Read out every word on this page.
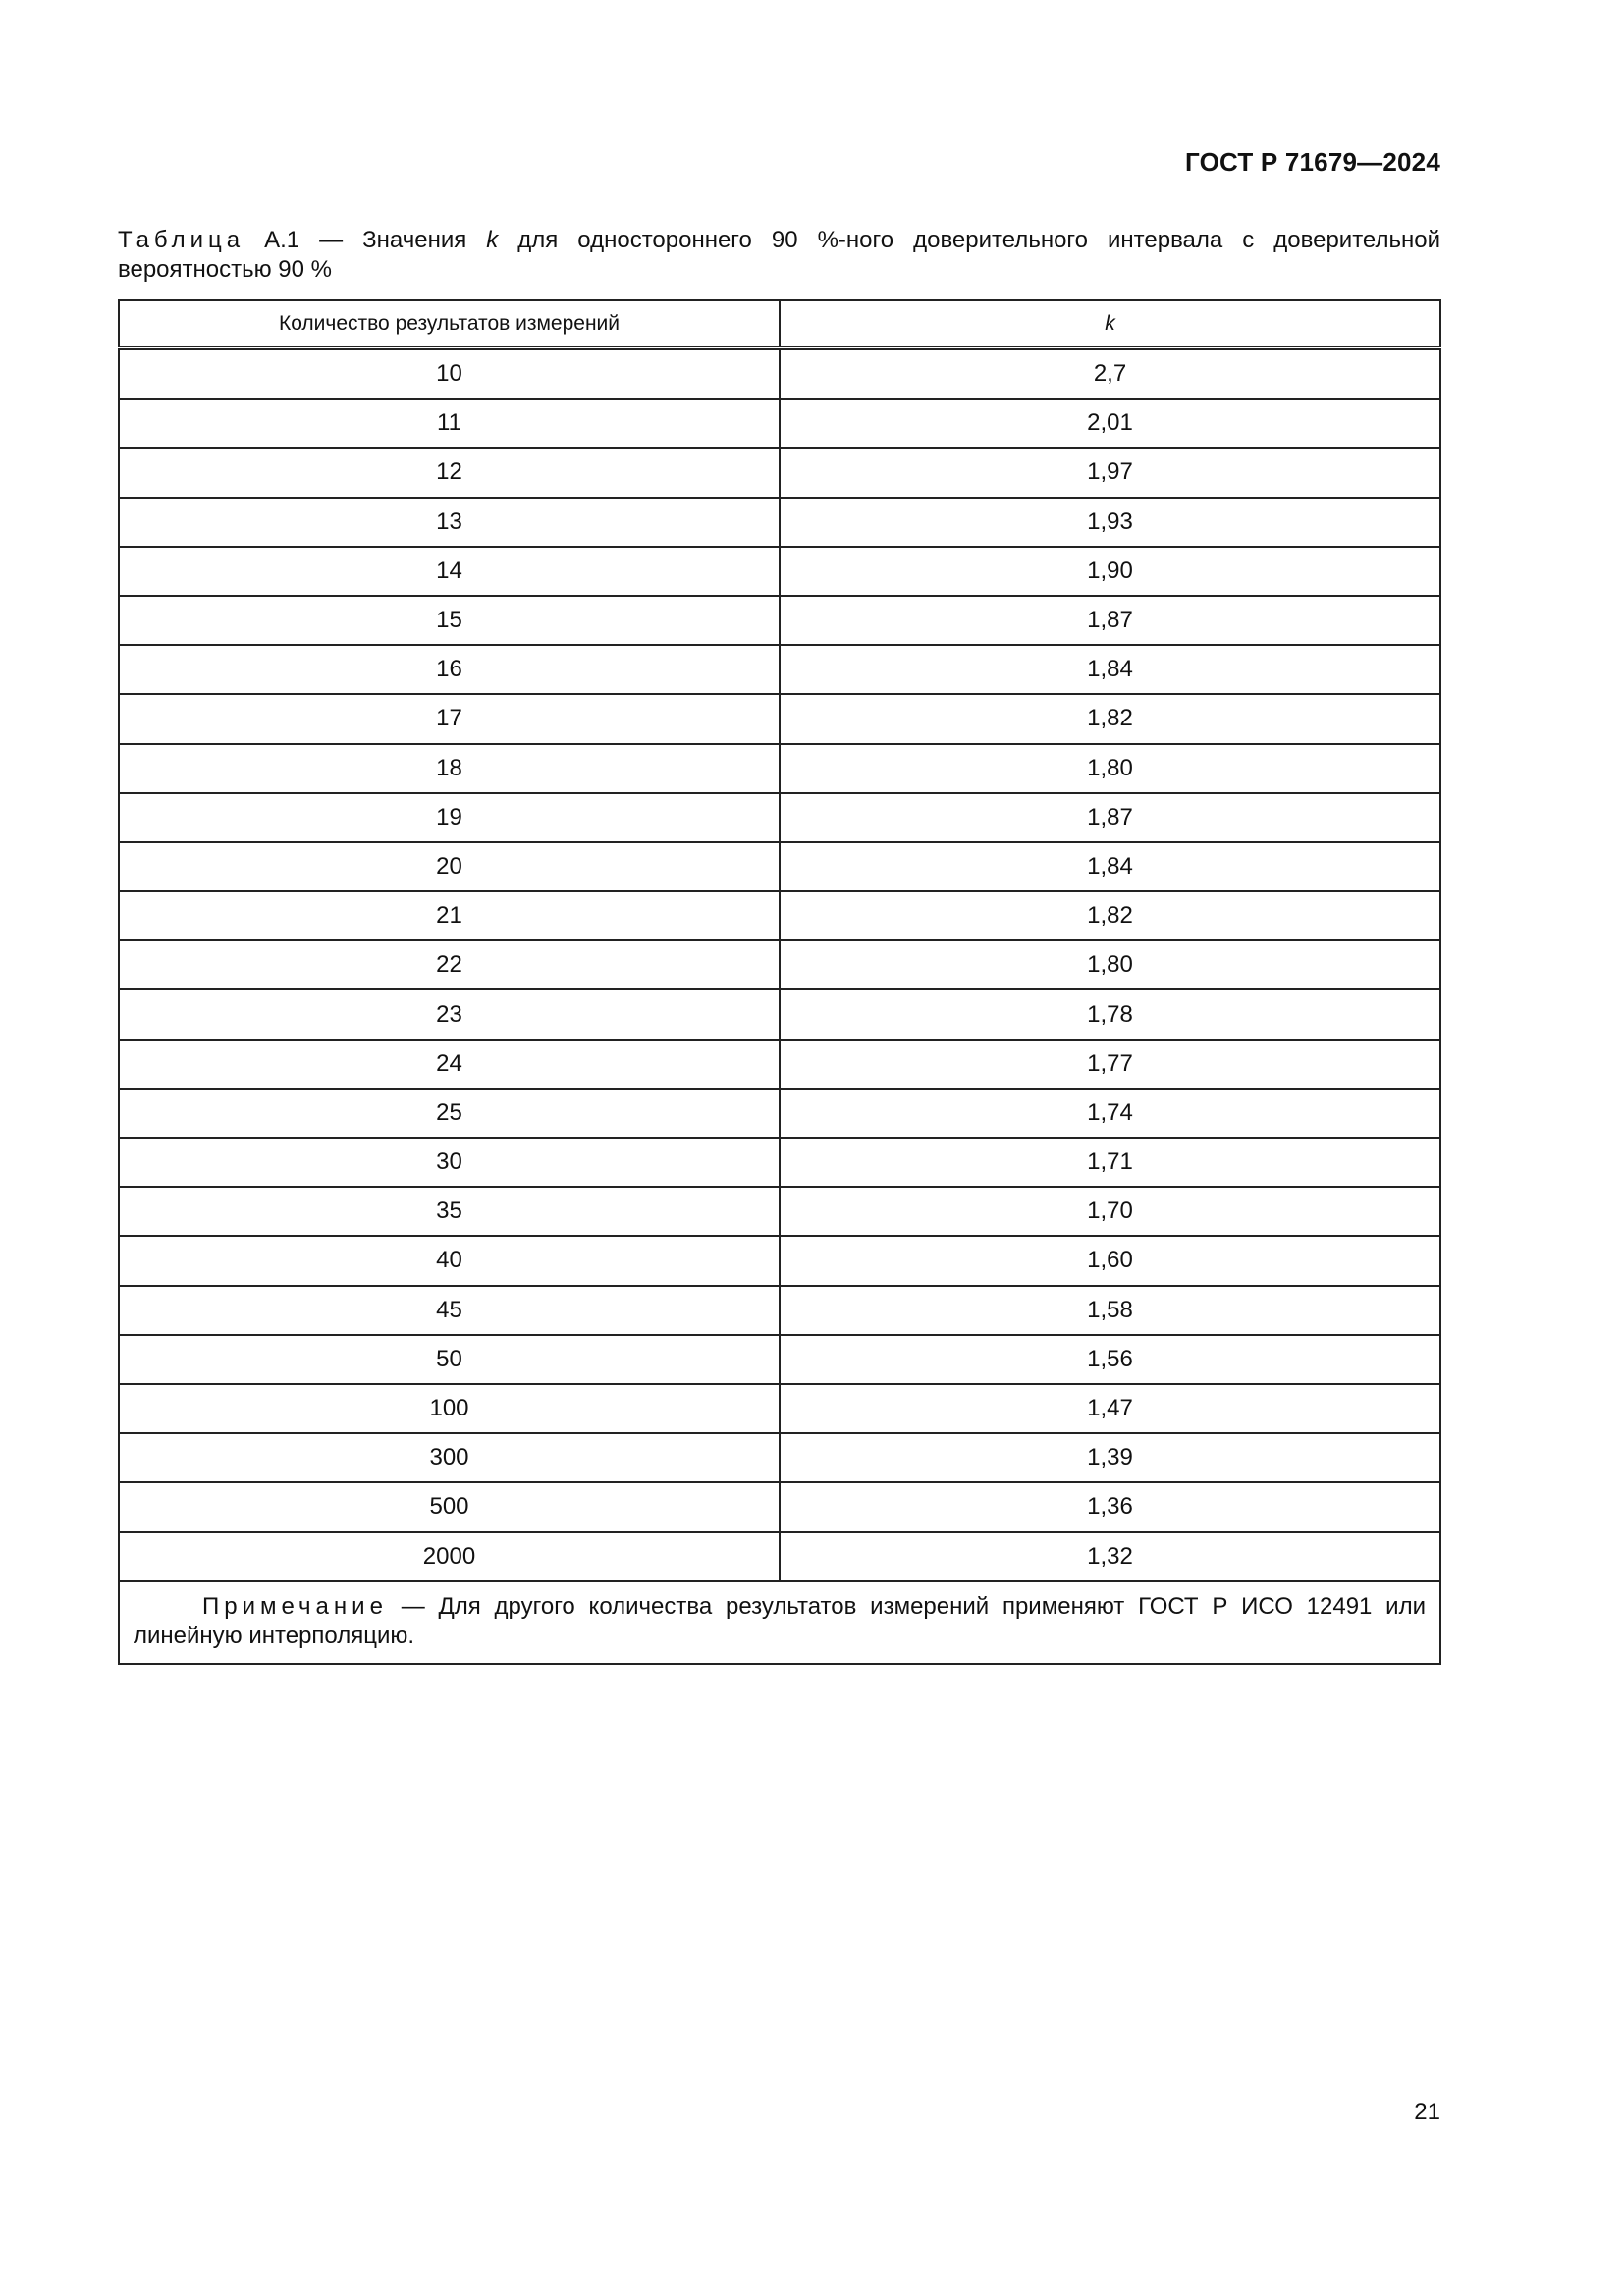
ГОСТ Р 71679—2024
Таблица А.1 — Значения k для одностороннего 90 %-ного доверительного интервала с доверительной вероятностью 90 %
Количество результатов измерений	k
10	2,7
11	2,01
12	1,97
13	1,93
14	1,90
15	1,87
16	1,84
17	1,82
18	1,80
19	1,87
20	1,84
21	1,82
22	1,80
23	1,78
24	1,77
25	1,74
30	1,71
35	1,70
40	1,60
45	1,58
50	1,56
100	1,47
300	1,39
500	1,36
2000	1,32
Примечание — Для другого количества результатов измерений применяют ГОСТ Р ИСО 12491 или линейную интерполяцию.	
21
